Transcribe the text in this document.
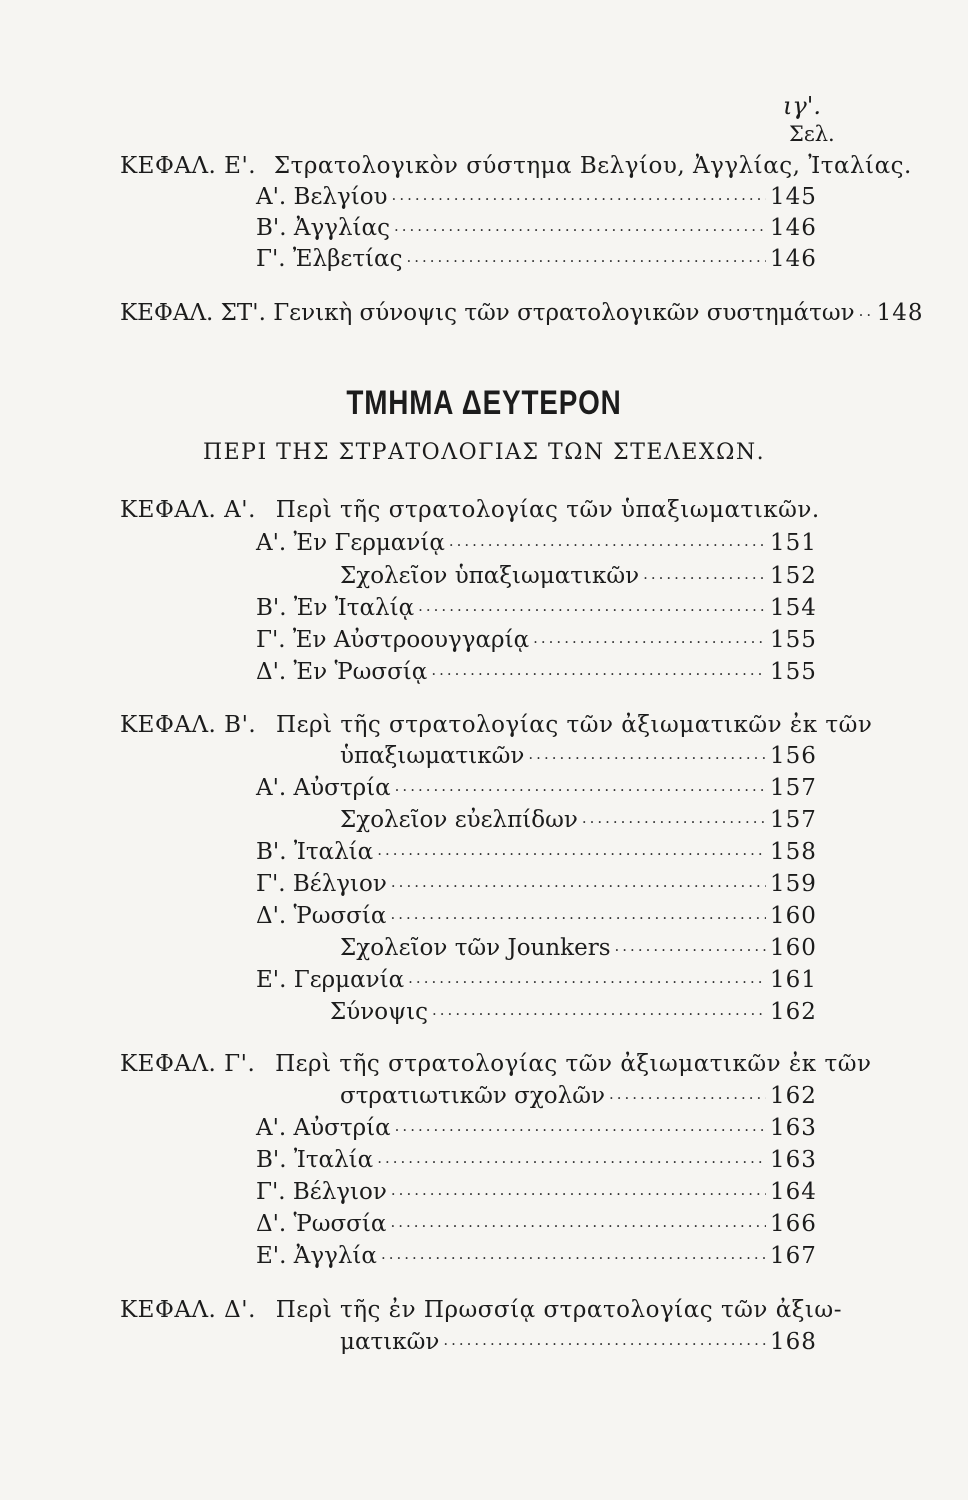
ιγ'.
Σελ.
ΚΕΦΑΛ. Ε'. Στρατολογικὸν σύστημα Βελγίου, Ἀγγλίας, Ἰταλίας.
Α'. Βελγίου ·····	145
Β'. Ἀγγλίας ·····	146
Γ'. Ἐλβετίας ·····	146
ΚΕΦΑΛ. ΣΤ'. Γενικὴ σύνοψις τῶν στρατολογικῶν συστημάτων ····· 148
ΤΜΗΜΑ ΔΕΥΤΕΡΟΝ
ΠΕΡΙ ΤΗΣ ΣΤΡΑΤΟΛΟΓΙΑΣ ΤΩΝ ΣΤΕΛΕΧΩΝ.
ΚΕΦΑΛ. Α'. Περὶ τῆς στρατολογίας τῶν ὑπαξιωματικῶν.
Α'. Ἐν Γερμανίᾳ ·····	151
Σχολεῖον ὑπαξιωματικῶν ·····	152
Β'. Ἐν Ἰταλίᾳ ·····	154
Γ'. Ἐν Αὐστροουγγαρίᾳ ·····	155
Δ'. Ἐν Ῥωσσίᾳ ·····	155
ΚΕΦΑΛ. Β'. Περὶ τῆς στρατολογίας τῶν ἀξιωματικῶν ἐκ τῶν
ὑπαξιωματικῶν ·····	156
Α'. Αὐστρία ·····	157
Σχολεῖον εὐελπίδων ·····	157
Β'. Ἰταλία ·····	158
Γ'. Βέλγιον ·····	159
Δ'. Ῥωσσία ·····	160
Σχολεῖον τῶν Jounkers ·····	160
Ε'. Γερμανία ·····	161
Σύνοψις ·····	162
ΚΕΦΑΛ. Γ'. Περὶ τῆς στρατολογίας τῶν ἀξιωματικῶν ἐκ τῶν
στρατιωτικῶν σχολῶν ·····	162
Α'. Αὐστρία ·····	163
Β'. Ἰταλία ·····	163
Γ'. Βέλγιον ·····	164
Δ'. Ῥωσσία ·····	166
Ε'. Ἀγγλία ·····	167
ΚΕΦΑΛ. Δ'. Περὶ τῆς ἐν Πρωσσίᾳ στρατολογίας τῶν ἀξιω-
ματικῶν ·····	168
